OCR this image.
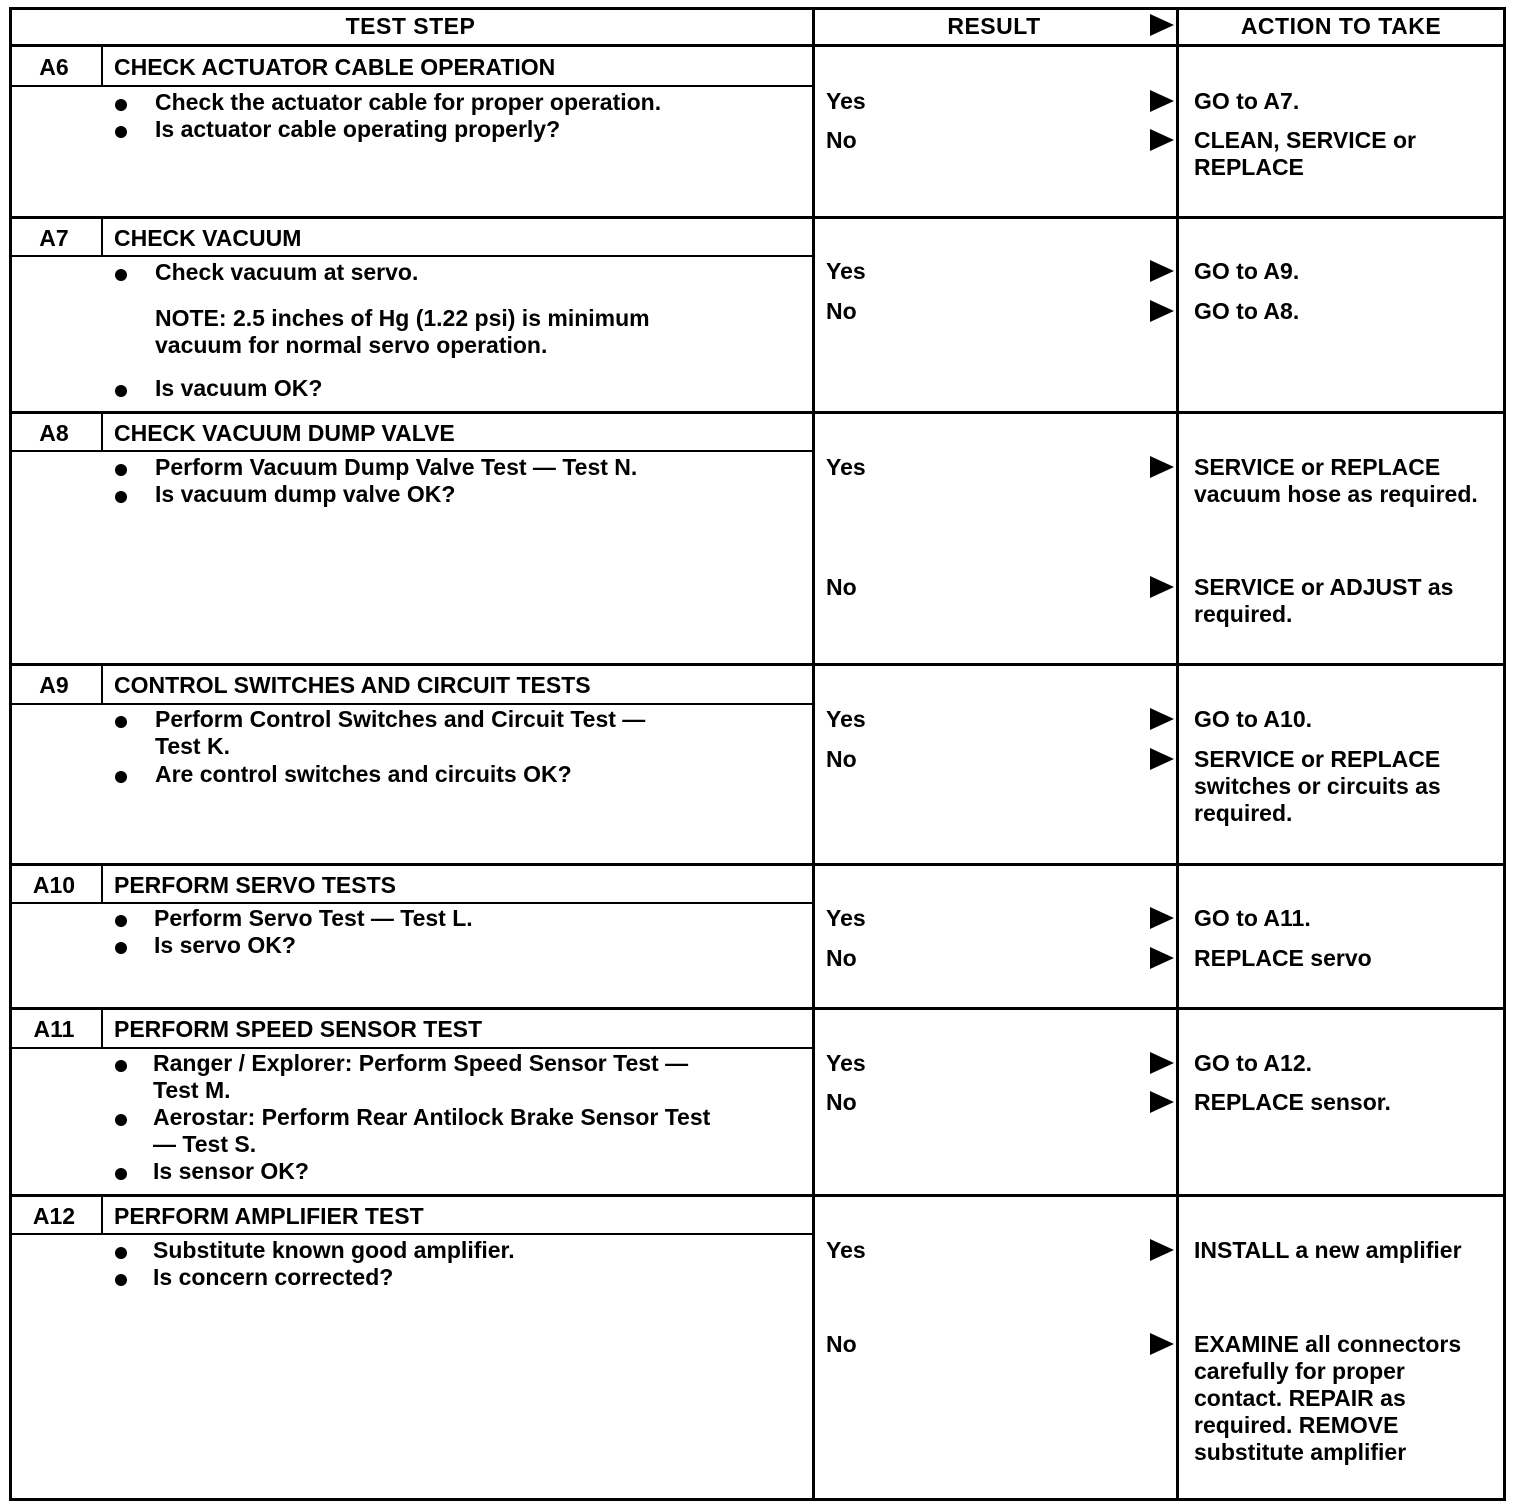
TEST STEP	RESULT	ACTION TO TAKE
A6	CHECK ACTUATOR CABLE OPERATION
Check the actuator cable for proper operation.
Is actuator cable operating properly?
Yes	GO to A7.
No	CLEAN, SERVICE or
REPLACE
A7	CHECK VACUUM
Check vacuum at servo.
NOTE: 2.5 inches of Hg (1.22 psi) is minimum
vacuum for normal servo operation.
Is vacuum OK?
Yes	GO to A9.
No	GO to A8.
A8	CHECK VACUUM DUMP VALVE
Perform Vacuum Dump Valve Test — Test N.
Is vacuum dump valve OK?
Yes	SERVICE or REPLACE
vacuum hose as required.
No	SERVICE or ADJUST as
required.
A9	CONTROL SWITCHES AND CIRCUIT TESTS
Perform Control Switches and Circuit Test —
Test K.
Are control switches and circuits OK?
Yes	GO to A10.
No	SERVICE or REPLACE
switches or circuits as
required.
A10	PERFORM SERVO TESTS
Perform Servo Test — Test L.
Is servo OK?
Yes	GO to A11.
No	REPLACE servo
A11	PERFORM SPEED SENSOR TEST
Ranger / Explorer: Perform Speed Sensor Test —
Test M.
Aerostar: Perform Rear Antilock Brake Sensor Test
— Test S.
Is sensor OK?
Yes	GO to A12.
No	REPLACE sensor.
A12	PERFORM AMPLIFIER TEST
Substitute known good amplifier.
Is concern corrected?
Yes	INSTALL a new amplifier
No	EXAMINE all connectors
carefully for proper
contact. REPAIR as
required. REMOVE
substitute amplifier
